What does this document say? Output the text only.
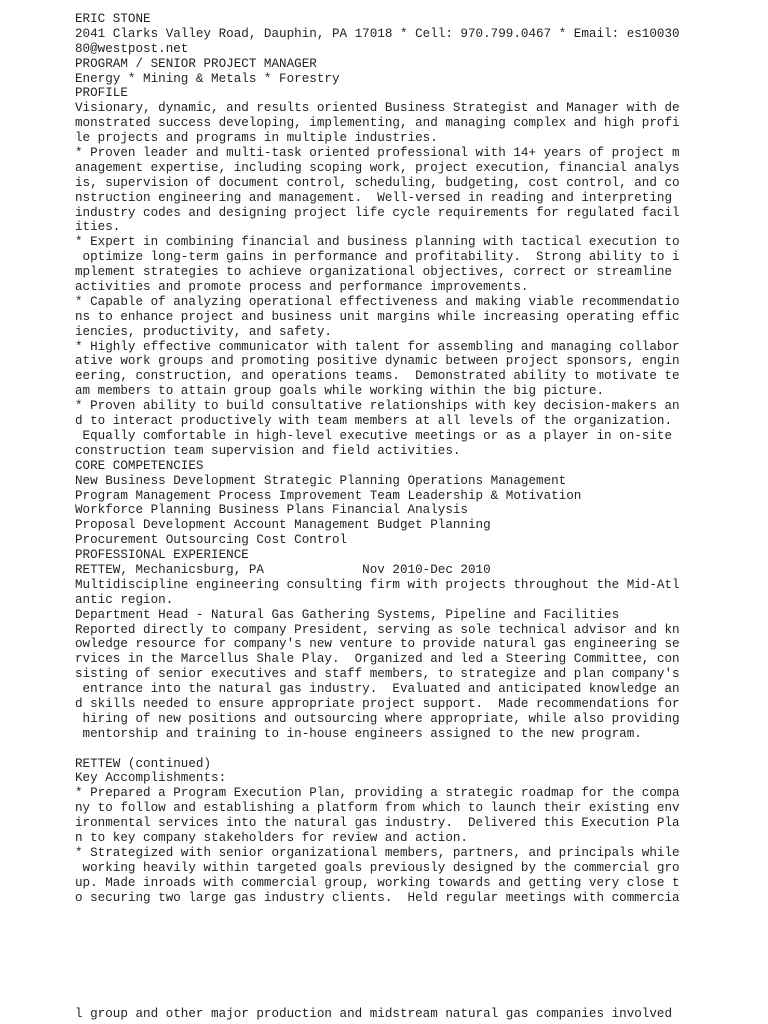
ERIC STONE
2041 Clarks Valley Road, Dauphin, PA 17018 * Cell: 970.799.0467 * Email: es10030
80@westpost.net
PROGRAM / SENIOR PROJECT MANAGER
Energy * Mining & Metals * Forestry
PROFILE
Visionary, dynamic, and results oriented Business Strategist and Manager with de
monstrated success developing, implementing, and managing complex and high profi
le projects and programs in multiple industries.
* Proven leader and multi-task oriented professional with 14+ years of project m
anagement expertise, including scoping work, project execution, financial analys
is, supervision of document control, scheduling, budgeting, cost control, and co
nstruction engineering and management.  Well-versed in reading and interpreting
industry codes and designing project life cycle requirements for regulated facil
ities.
* Expert in combining financial and business planning with tactical execution to
optimize long-term gains in performance and profitability.  Strong ability to i
mplement strategies to achieve organizational objectives, correct or streamline
activities and promote process and performance improvements.
* Capable of analyzing operational effectiveness and making viable recommendatio
ns to enhance project and business unit margins while increasing operating effic
iencies, productivity, and safety.
* Highly effective communicator with talent for assembling and managing collabor
ative work groups and promoting positive dynamic between project sponsors, engin
eering, construction, and operations teams.  Demonstrated ability to motivate te
am members to attain group goals while working within the big picture.
* Proven ability to build consultative relationships with key decision-makers an
d to interact productively with team members at all levels of the organization.
Equally comfortable in high-level executive meetings or as a player in on-site
construction team supervision and field activities.
CORE COMPETENCIES
New Business Development Strategic Planning Operations Management
Program Management Process Improvement Team Leadership & Motivation
Workforce Planning Business Plans Financial Analysis
Proposal Development Account Management Budget Planning
Procurement Outsourcing Cost Control
PROFESSIONAL EXPERIENCE
RETTEW, Mechanicsburg, PA             Nov 2010-Dec 2010
Multidiscipline engineering consulting firm with projects throughout the Mid-Atl
antic region.
Department Head - Natural Gas Gathering Systems, Pipeline and Facilities
Reported directly to company President, serving as sole technical advisor and kn
owledge resource for company's new venture to provide natural gas engineering se
rvices in the Marcellus Shale Play.  Organized and led a Steering Committee, con
sisting of senior executives and staff members, to strategize and plan company's
entrance into the natural gas industry.  Evaluated and anticipated knowledge an
d skills needed to ensure appropriate project support.  Made recommendations for
hiring of new positions and outsourcing where appropriate, while also providing
mentorship and training to in-house engineers assigned to the new program.
RETTEW (continued)
Key Accomplishments:
* Prepared a Program Execution Plan, providing a strategic roadmap for the compa
ny to follow and establishing a platform from which to launch their existing env
ironmental services into the natural gas industry.  Delivered this Execution Pla
n to key company stakeholders for review and action.
* Strategized with senior organizational members, partners, and principals while
working heavily within targeted goals previously designed by the commercial gro
up. Made inroads with commercial group, working towards and getting very close t
o securing two large gas industry clients.  Held regular meetings with commercia
l group and other major production and midstream natural gas companies involved
